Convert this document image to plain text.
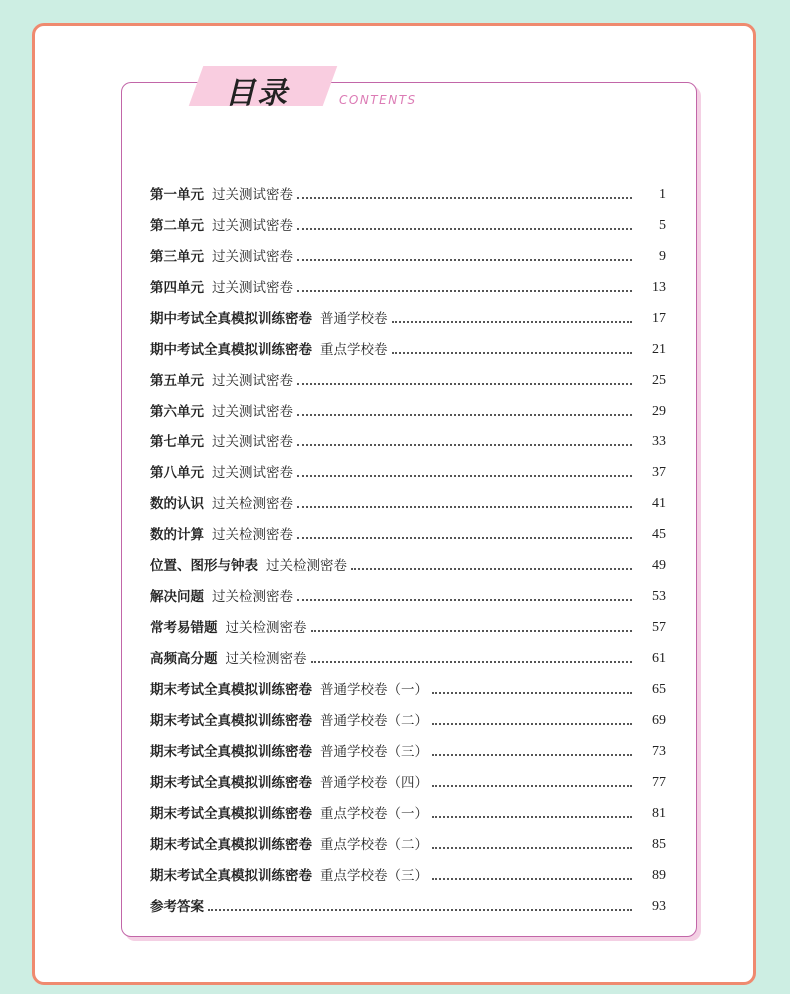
目录	CONTENTS
第一单元 过关测试密卷	1
第二单元 过关测试密卷	5
第三单元 过关测试密卷	9
第四单元 过关测试密卷	13
期中考试全真模拟训练密卷 普通学校卷	17
期中考试全真模拟训练密卷 重点学校卷	21
第五单元 过关测试密卷	25
第六单元 过关测试密卷	29
第七单元 过关测试密卷	33
第八单元 过关测试密卷	37
数的认识 过关检测密卷	41
数的计算 过关检测密卷	45
位置、图形与钟表 过关检测密卷	49
解决问题 过关检测密卷	53
常考易错题 过关检测密卷	57
高频高分题 过关检测密卷	61
期末考试全真模拟训练密卷 普通学校卷（一）	65
期末考试全真模拟训练密卷 普通学校卷（二）	69
期末考试全真模拟训练密卷 普通学校卷（三）	73
期末考试全真模拟训练密卷 普通学校卷（四）	77
期末考试全真模拟训练密卷 重点学校卷（一）	81
期末考试全真模拟训练密卷 重点学校卷（二）	85
期末考试全真模拟训练密卷 重点学校卷（三）	89
参考答案	93
